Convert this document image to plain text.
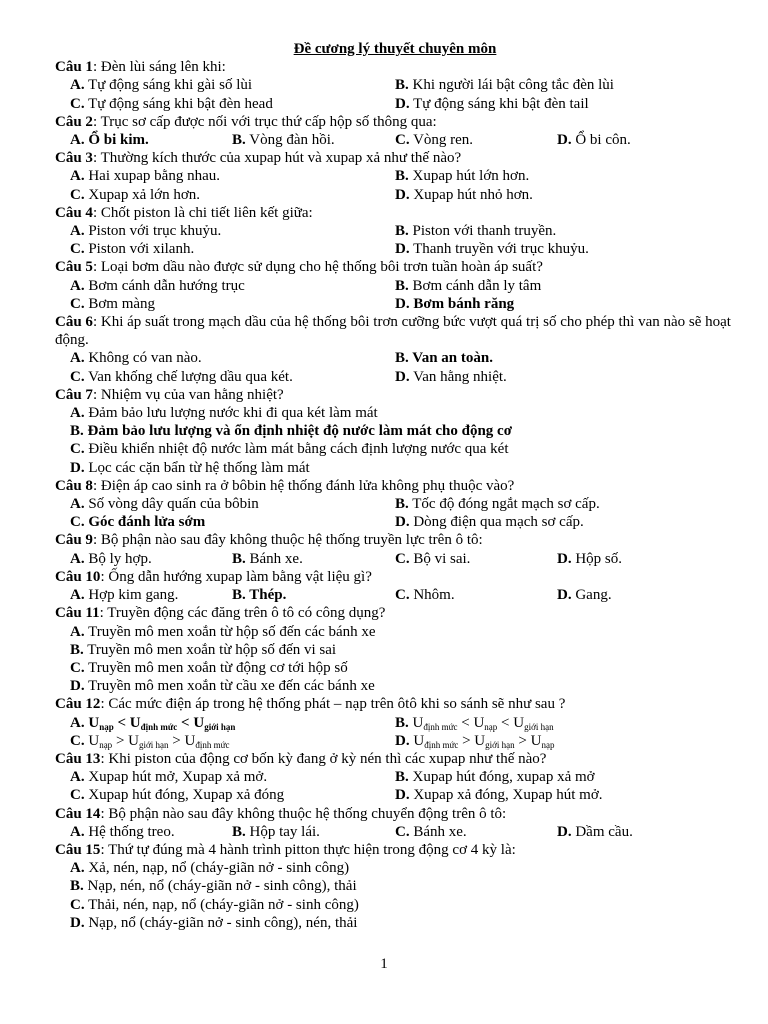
Đề cương lý thuyết chuyên môn
Câu 1: Đèn lùi sáng lên khi:
A. Tự động sáng khi gài số lùi	B. Khi người lái bật công tắc đèn lùi
C. Tự động sáng khi bật đèn head	D. Tự động sáng khi bật đèn tail
Câu 2: Trục sơ cấp được nối với trục thứ cấp hộp số thông qua:
A. Ổ bi kim.	B. Vòng đàn hồi.	C. Vòng ren.	D. Ổ bi côn.
Câu 3: Thường kích thước của xupap hút và xupap xả như thế nào?
A. Hai xupap bằng nhau.	B. Xupap hút lớn hơn.
C. Xupap xả lớn hơn.	D. Xupap hút nhỏ hơn.
Câu 4: Chốt piston là chi tiết liên kết giữa:
A. Piston với trục khuỷu.	B. Piston với thanh truyền.
C. Piston với xilanh.	D. Thanh truyền với trục khuỷu.
Câu 5: Loại bơm dầu nào được sử dụng cho hệ thống bôi trơn tuần hoàn áp suất?
A. Bơm cánh dẫn hướng trục	B. Bơm cánh dẫn ly tâm
C. Bơm màng	D. Bơm bánh răng
Câu 6: Khi áp suất trong mạch dầu của hệ thống bôi trơn cưỡng bức vượt quá trị số cho phép thì van nào sẽ hoạt động.
A. Không có van nào.	B. Van an toàn.
C. Van khống chế lượng dầu qua két.	D. Van hằng nhiệt.
Câu 7: Nhiệm vụ của van hằng nhiệt?
A. Đảm bảo lưu lượng nước khi đi qua két làm mát
B. Đảm bảo lưu lượng và ổn định nhiệt độ nước làm mát cho động cơ
C. Điều khiển nhiệt độ nước làm mát bằng cách định lượng nước qua két
D. Lọc các cặn bẩn từ hệ thống làm mát
Câu 8: Điện áp cao sinh ra ở bôbin hệ thống đánh lửa không phụ thuộc vào?
A. Số vòng dây quấn của bôbin	B. Tốc độ đóng ngắt mạch sơ cấp.
C. Góc đánh lửa sớm	D. Dòng điện qua mạch sơ cấp.
Câu 9: Bộ phận nào sau đây không thuộc hệ thống truyền lực trên ô tô:
A. Bộ ly hợp.	B. Bánh xe.	C. Bộ vi sai.	D. Hộp số.
Câu 10: Ống dẫn hướng xupap làm bằng vật liệu gì?
A. Hợp kim gang.	B. Thép.	C. Nhôm.	D. Gang.
Câu 11: Truyền động các đăng trên ô tô có công dụng?
A. Truyền mô men xoắn từ hộp số đến các bánh xe
B. Truyền mô men xoắn từ hộp số đến vi sai
C. Truyền mô men xoắn từ động cơ tới hộp số
D. Truyền mô men xoắn từ cầu xe đến các bánh xe
Câu 12: Các mức điện áp trong hệ thống phát – nạp trên ôtô khi so sánh sẽ như sau ?
A. $U_{nạp} < U_{định mức} < U_{giới hạn}$	B. $U_{định mức} < U_{nạp} < U_{giới hạn}$
C. $U_{nạp} > U_{giới hạn} > U_{định mức}$	D. $U_{định mức} > U_{giới hạn} > U_{nạp}$
Câu 13: Khi piston của động cơ bốn kỳ đang ở kỳ nén thì các xupap như thế nào?
A. Xupap hút mở, Xupap xả mở.	B. Xupap hút đóng, xupap xả mở
C. Xupap hút đóng, Xupap xả đóng	D. Xupap xả đóng, Xupap hút mở.
Câu 14: Bộ phận nào sau đây không thuộc hệ thống chuyển động trên ô tô:
A. Hệ thống treo.	B. Hộp tay lái.	C. Bánh xe.	D. Dầm cầu.
Câu 15: Thứ tự đúng mà 4 hành trình pitton thực hiện trong động cơ 4 kỳ là:
A. Xả, nén, nạp, nổ (cháy-giãn nở - sinh công)
B. Nạp, nén, nổ (cháy-giãn nở - sinh công), thải
C. Thải, nén, nạp, nổ (cháy-giãn nở - sinh công)
D. Nạp, nổ (cháy-giãn nở - sinh công), nén, thải
1
